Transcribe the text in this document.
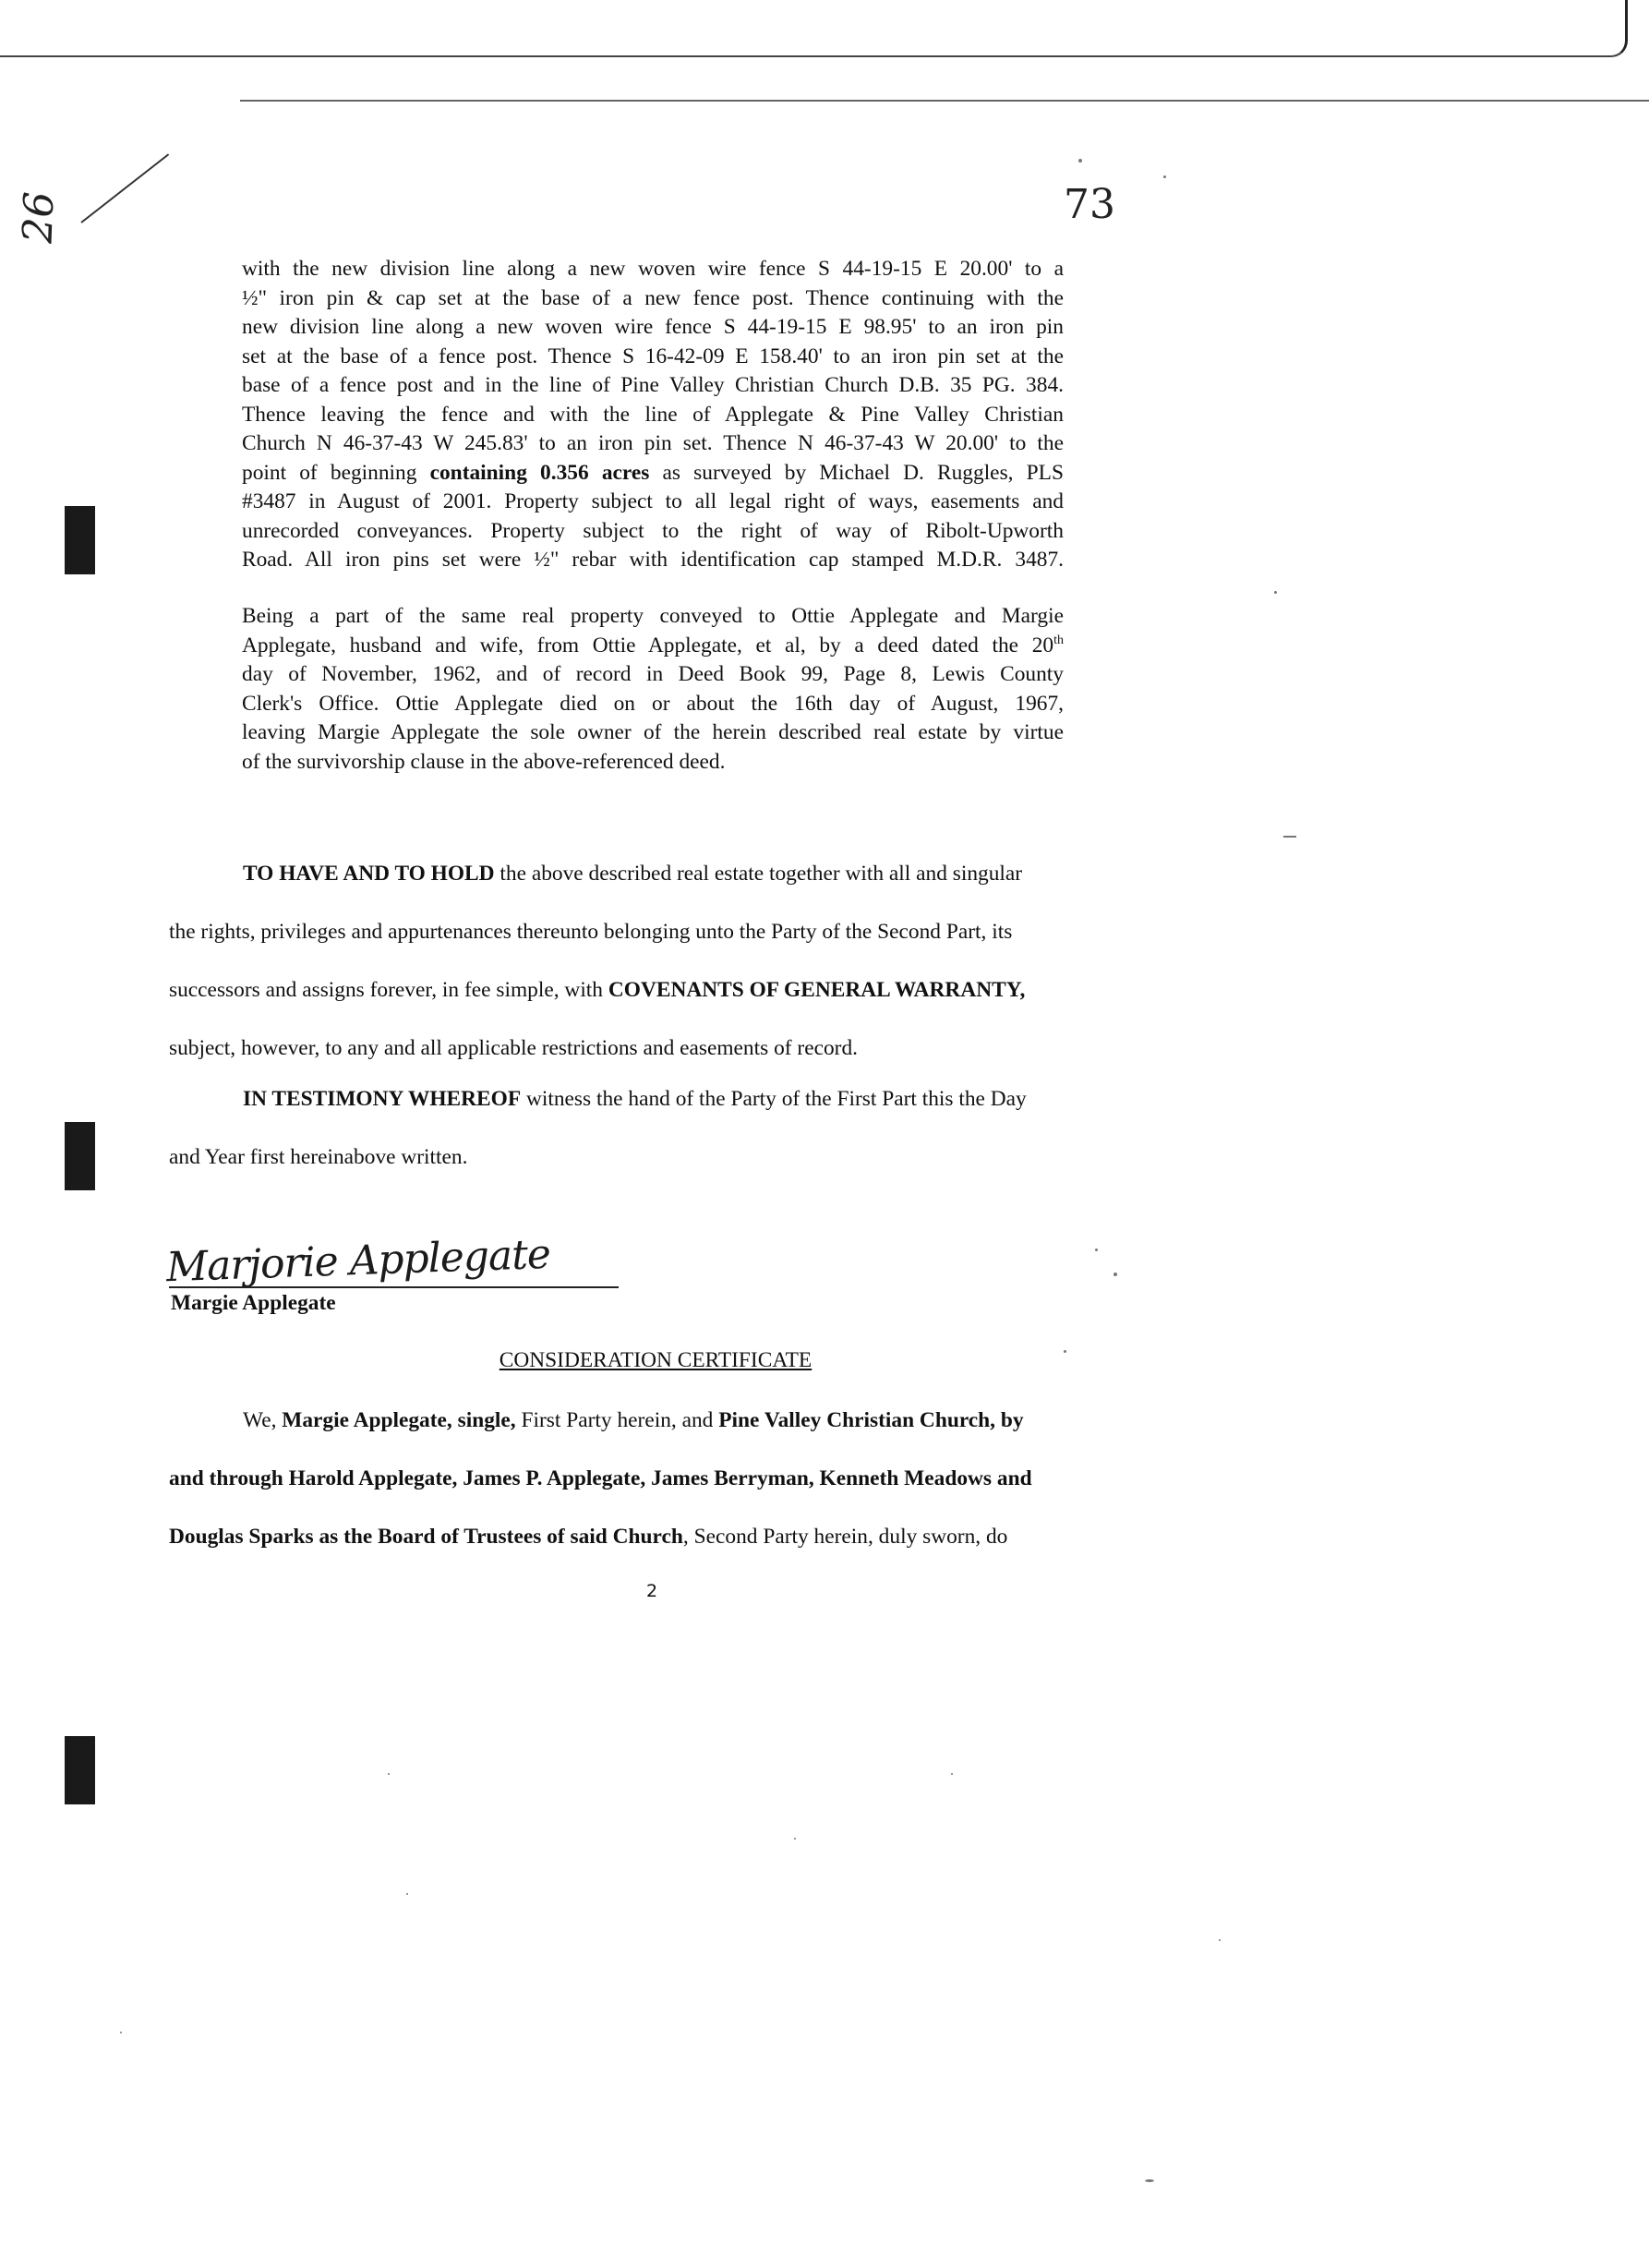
26	73
with the new division line along a new woven wire fence S 44-19-15 E 20.00' to a
½" iron pin & cap set at the base of a new fence post. Thence continuing with the
new division line along a new woven wire fence S 44-19-15 E 98.95' to an iron pin
set at the base of a fence post. Thence S 16-42-09 E 158.40' to an iron pin set at the
base of a fence post and in the line of Pine Valley Christian Church D.B. 35 PG. 384.
Thence leaving the fence and with the line of Applegate & Pine Valley Christian
Church N 46-37-43 W 245.83' to an iron pin set. Thence N 46-37-43 W 20.00' to the
point of beginning containing 0.356 acres as surveyed by Michael D. Ruggles, PLS
#3487 in August of 2001. Property subject to all legal right of ways, easements and
unrecorded conveyances. Property subject to the right of way of Ribolt-Upworth
Road. All iron pins set were ½" rebar with identification cap stamped M.D.R. 3487.
Being a part of the same real property conveyed to Ottie Applegate and Margie
Applegate, husband and wife, from Ottie Applegate, et al, by a deed dated the 20th
day of November, 1962, and of record in Deed Book 99, Page 8, Lewis County
Clerk's Office. Ottie Applegate died on or about the 16th day of August, 1967,
leaving Margie Applegate the sole owner of the herein described real estate by virtue
of the survivorship clause in the above-referenced deed.

TO HAVE AND TO HOLD the above described real estate together with all and singular

the rights, privileges and appurtenances thereunto belonging unto the Party of the Second Part, its

successors and assigns forever, in fee simple, with COVENANTS OF GENERAL WARRANTY,

subject, however, to any and all applicable restrictions and easements of record.

IN TESTIMONY WHEREOF witness the hand of the Party of the First Part this the Day

and Year first hereinabove written.

Marjorie Applegate
Margie Applegate
CONSIDERATION CERTIFICATE

We, Margie Applegate, single, First Party herein, and Pine Valley Christian Church, by

and through Harold Applegate, James P. Applegate, James Berryman, Kenneth Meadows and

Douglas Sparks as the Board of Trustees of said Church, Second Party herein, duly sworn, do

2
